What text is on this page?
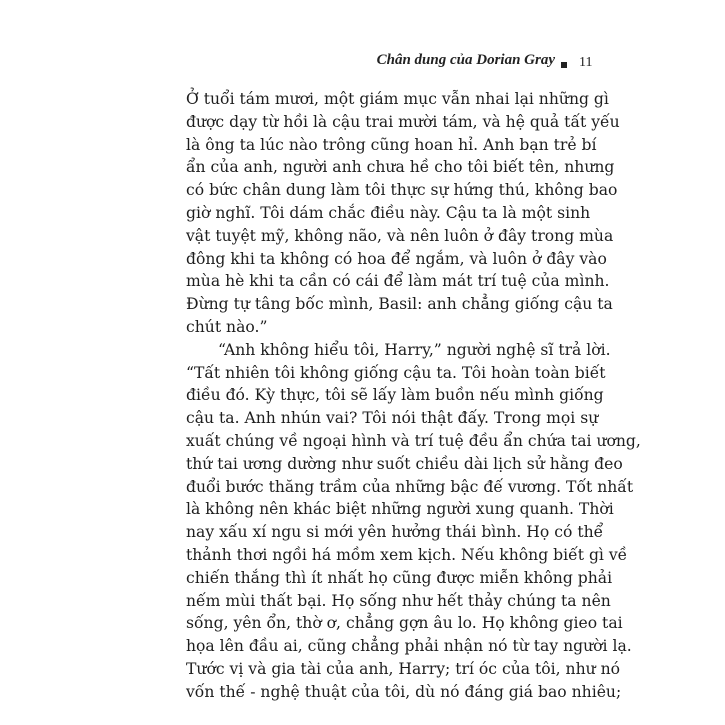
Chân dung của Dorian Gray 11
Ở tuổi tám mươi, một giám mục vẫn nhai lại những gì
được dạy từ hồi là cậu trai mười tám, và hệ quả tất yếu
là ông ta lúc nào trông cũng hoan hỉ. Anh bạn trẻ bí
ẩn của anh, người anh chưa hề cho tôi biết tên, nhưng
có bức chân dung làm tôi thực sự hứng thú, không bao
giờ nghĩ. Tôi dám chắc điều này. Cậu ta là một sinh
vật tuyệt mỹ, không não, và nên luôn ở đây trong mùa
đông khi ta không có hoa để ngắm, và luôn ở đây vào
mùa hè khi ta cần có cái để làm mát trí tuệ của mình.
Đừng tự tâng bốc mình, Basil: anh chẳng giống cậu ta
chút nào.”
“Anh không hiểu tôi, Harry,” người nghệ sĩ trả lời.
“Tất nhiên tôi không giống cậu ta. Tôi hoàn toàn biết
điều đó. Kỳ thực, tôi sẽ lấy làm buồn nếu mình giống
cậu ta. Anh nhún vai? Tôi nói thật đấy. Trong mọi sự
xuất chúng về ngoại hình và trí tuệ đều ẩn chứa tai ương,
thứ tai ương dường như suốt chiều dài lịch sử hằng đeo
đuổi bước thăng trầm của những bậc đế vương. Tốt nhất
là không nên khác biệt những người xung quanh. Thời
nay xấu xí ngu si mới yên hưởng thái bình. Họ có thể
thảnh thơi ngồi há mồm xem kịch. Nếu không biết gì về
chiến thắng thì ít nhất họ cũng được miễn không phải
nếm mùi thất bại. Họ sống như hết thảy chúng ta nên
sống, yên ổn, thờ ơ, chẳng gợn âu lo. Họ không gieo tai
họa lên đầu ai, cũng chẳng phải nhận nó từ tay người lạ.
Tước vị và gia tài của anh, Harry; trí óc của tôi, như nó
vốn thế - nghệ thuật của tôi, dù nó đáng giá bao nhiêu;
